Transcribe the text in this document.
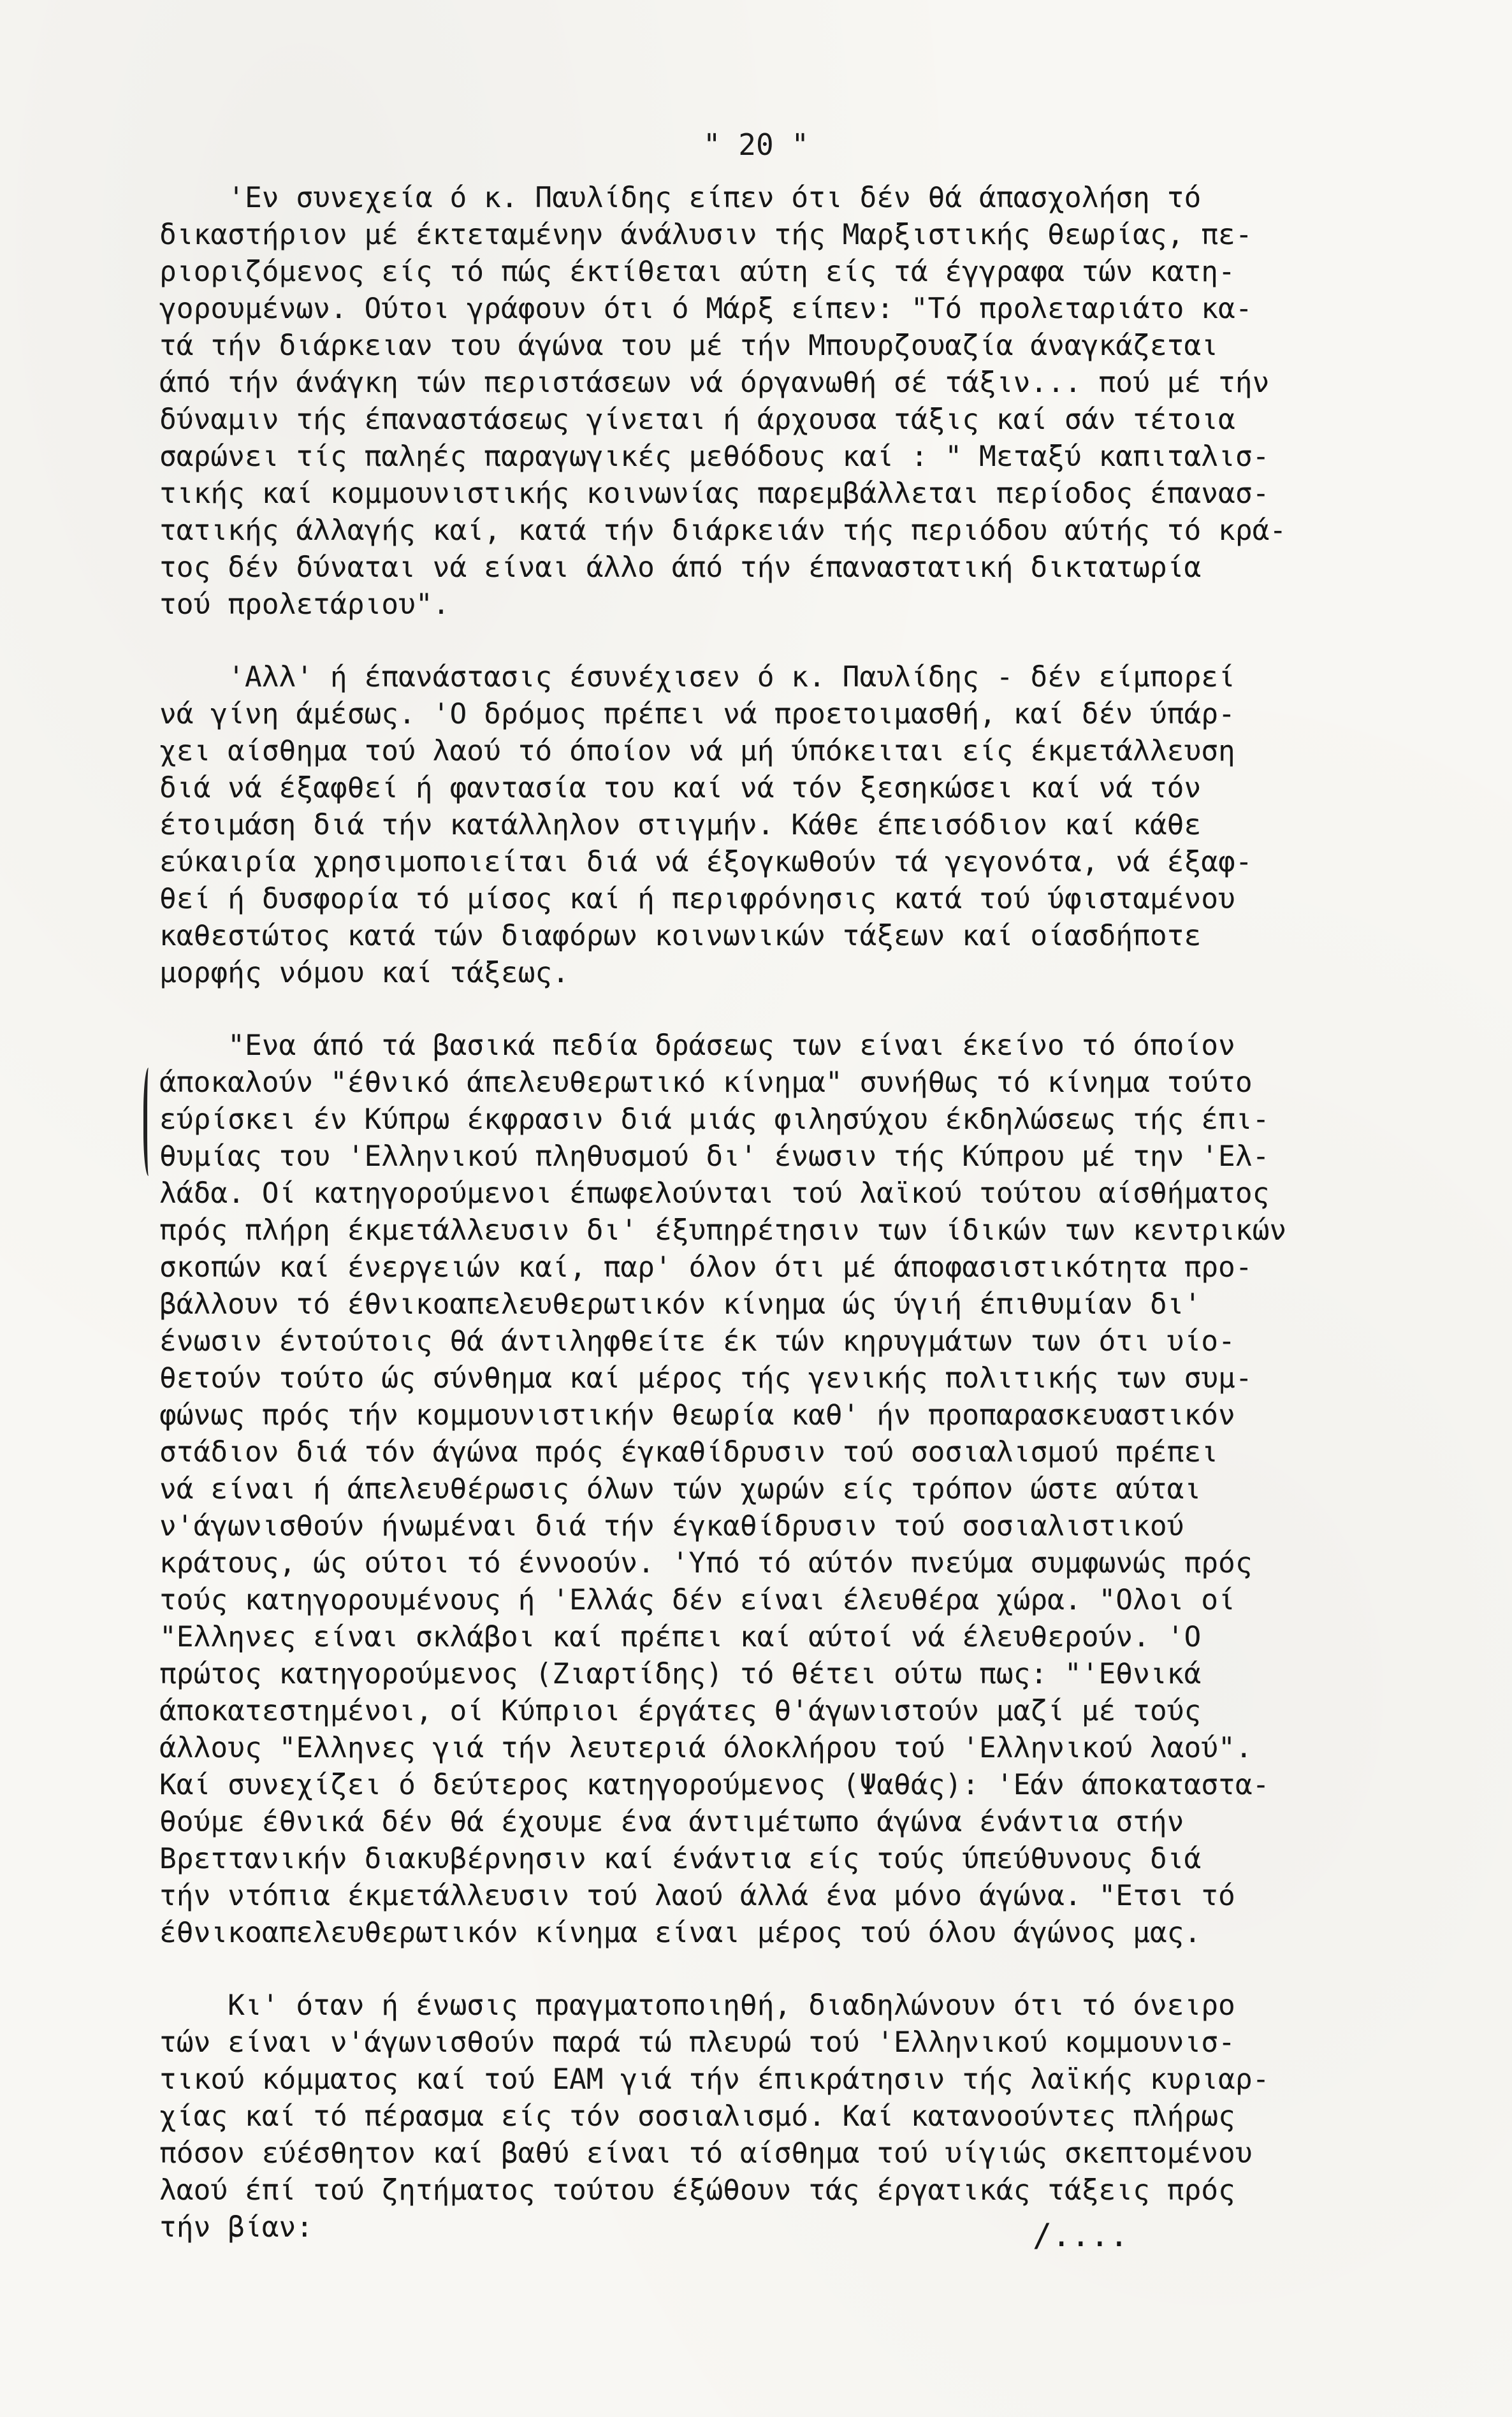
" 20 "
'Εν συνεχεία ό κ. Παυλίδης είπεν ότι δέν θά άπασχολήση τό
δικαστήριον μέ έκτεταμένην άνάλυσιν τής Μαρξιστικής θεωρίας, πε-
ριοριζόμενος είς τό πώς έκτίθεται αύτη είς τά έγγραφα τών κατη-
γορουμένων. Ούτοι γράφουν ότι ό Μάρξ είπεν: "Τό προλεταριάτο κα-
τά τήν διάρκειαν του άγώνα του μέ τήν Μπουρζουαζία άναγκάζεται
άπό τήν άνάγκη τών περιστάσεων νά όργανωθή σέ τάξιν... πού μέ τήν
δύναμιν τής έπαναστάσεως γίνεται ή άρχουσα τάξις καί σάν τέτοια
σαρώνει τίς παληές παραγωγικές μεθόδους καί : " Μεταξύ καπιταλισ-
τικής καί κομμουνιστικής κοινωνίας παρεμβάλλεται περίοδος έπανασ-
τατικής άλλαγής καί, κατά τήν διάρκειάν τής περιόδου αύτής τό κρά-
τος δέν δύναται νά είναι άλλο άπό τήν έπαναστατική δικτατωρία
τού προλετάριου".
'Αλλ' ή έπανάστασις έσυνέχισεν ό κ. Παυλίδης - δέν είμπορεί
νά γίνη άμέσως. 'Ο δρόμος πρέπει νά προετοιμασθή, καί δέν ύπάρ-
χει αίσθημα τού λαού τό όποίον νά μή ύπόκειται είς έκμετάλλευση
διά νά έξαφθεί ή φαντασία του καί νά τόν ξεσηκώσει καί νά τόν
έτοιμάση διά τήν κατάλληλον στιγμήν. Κάθε έπεισόδιον καί κάθε
εύκαιρία χρησιμοποιείται διά νά έξογκωθούν τά γεγονότα, νά έξαφ-
θεί ή δυσφορία τό μίσος καί ή περιφρόνησις κατά τού ύφισταμένου
καθεστώτος κατά τών διαφόρων κοινωνικών τάξεων καί οίασδήποτε
μορφής νόμου καί τάξεως.
"Ενα άπό τά βασικά πεδία δράσεως των είναι έκείνο τό όποίον
άποκαλούν "έθνικό άπελευθερωτικό κίνημα" συνήθως τό κίνημα τούτο
εύρίσκει έν Κύπρω έκφρασιν διά μιάς φιλησύχου έκδηλώσεως τής έπι-
θυμίας του 'Ελληνικού πληθυσμού δι' ένωσιν τής Κύπρου μέ την 'Ελ-
λάδα. Οί κατηγορούμενοι έπωφελούνται τού λαϊκού τούτου αίσθήματος
πρός πλήρη έκμετάλλευσιν δι' έξυπηρέτησιν των ίδικών των κεντρικών
σκοπών καί ένεργειών καί, παρ' όλον ότι μέ άποφασιστικότητα προ-
βάλλουν τό έθνικοαπελευθερωτικόν κίνημα ώς ύγιή έπιθυμίαν δι'
ένωσιν έντούτοις θά άντιληφθείτε έκ τών κηρυγμάτων των ότι υίο-
θετούν τούτο ώς σύνθημα καί μέρος τής γενικής πολιτικής των συμ-
φώνως πρός τήν κομμουνιστικήν θεωρία καθ' ήν προπαρασκευαστικόν
στάδιον διά τόν άγώνα πρός έγκαθίδρυσιν τού σοσιαλισμού πρέπει
νά είναι ή άπελευθέρωσις όλων τών χωρών είς τρόπον ώστε αύται
ν'άγωνισθούν ήνωμέναι διά τήν έγκαθίδρυσιν τού σοσιαλιστικού
κράτους, ώς ούτοι τό έννοούν. 'Υπό τό αύτόν πνεύμα συμφωνώς πρός
τούς κατηγορουμένους ή 'Ελλάς δέν είναι έλευθέρα χώρα. "Ολοι οί
"Ελληνες είναι σκλάβοι καί πρέπει καί αύτοί νά έλευθερούν. 'Ο
πρώτος κατηγορούμενος (Ζιαρτίδης) τό θέτει ούτω πως: "'Εθνικά
άποκατεστημένοι, οί Κύπριοι έργάτες θ'άγωνιστούν μαζί μέ τούς
άλλους "Ελληνες γιά τήν λευτεριά όλοκλήρου τού 'Ελληνικού λαού".
Καί συνεχίζει ό δεύτερος κατηγορούμενος (Ψαθάς): 'Εάν άποκαταστα-
θούμε έθνικά δέν θά έχουμε ένα άντιμέτωπο άγώνα ένάντια στήν
Βρεττανικήν διακυβέρνησιν καί ένάντια είς τούς ύπεύθυνους διά
τήν ντόπια έκμετάλλευσιν τού λαού άλλά ένα μόνο άγώνα. "Ετσι τό
έθνικοαπελευθερωτικόν κίνημα είναι μέρος τού όλου άγώνος μας.
Κι' όταν ή ένωσις πραγματοποιηθή, διαδηλώνουν ότι τό όνειρο
τών είναι ν'άγωνισθούν παρά τώ πλευρώ τού 'Ελληνικού κομμουνισ-
τικού κόμματος καί τού ΕΑΜ γιά τήν έπικράτησιν τής λαϊκής κυριαρ-
χίας καί τό πέρασμα είς τόν σοσιαλισμό. Καί κατανοούντες πλήρως
πόσον εύέσθητον καί βαθύ είναι τό αίσθημα τού υίγιώς σκεπτομένου
λαού έπί τού ζητήματος τούτου έξώθουν τάς έργατικάς τάξεις πρός
τήν βίαν:	/....
